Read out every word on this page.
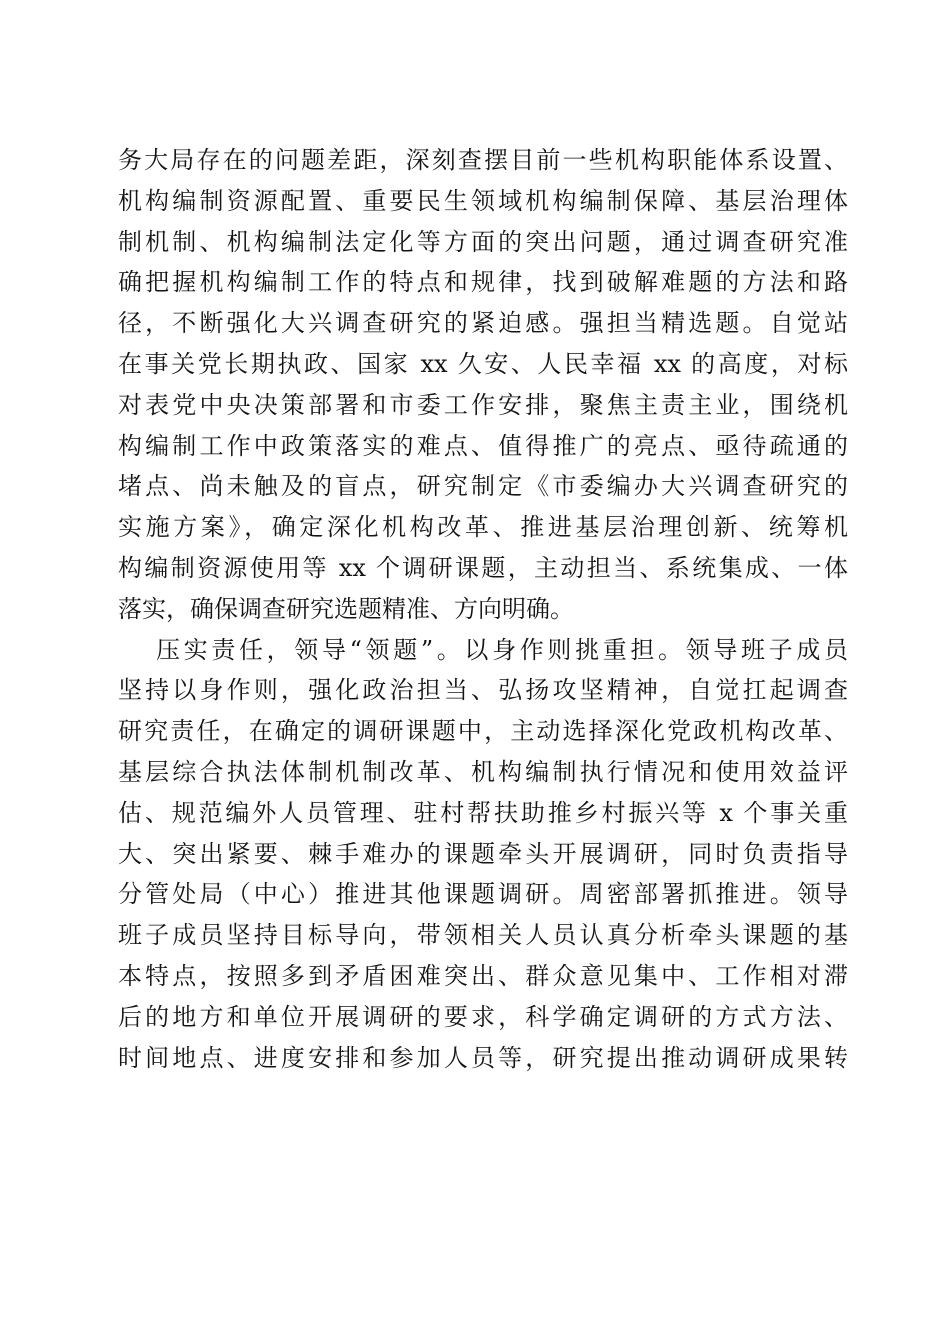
务大局存在的问题差距，深刻查摆目前一些机构职能体系设置、
机构编制资源配置、重要民生领域机构编制保障、基层治理体
制机制、机构编制法定化等方面的突出问题，通过调查研究准
确把握机构编制工作的特点和规律，找到破解难题的方法和路
径，不断强化大兴调查研究的紧迫感。强担当精选题。自觉站
在事关党长期执政、国家 xx 久安、人民幸福 xx 的高度，对标
对表党中央决策部署和市委工作安排，聚焦主责主业，围绕机
构编制工作中政策落实的难点、值得推广的亮点、亟待疏通的
堵点、尚未触及的盲点，研究制定《市委编办大兴调查研究的
实施方案》，确定深化机构改革、推进基层治理创新、统筹机
构编制资源使用等 xx 个调研课题，主动担当、系统集成、一体
落实，确保调查研究选题精准、方向明确。
压实责任，领导“领题”。以身作则挑重担。领导班子成员
坚持以身作则，强化政治担当、弘扬攻坚精神，自觉扛起调查
研究责任，在确定的调研课题中，主动选择深化党政机构改革、
基层综合执法体制机制改革、机构编制执行情况和使用效益评
估、规范编外人员管理、驻村帮扶助推乡村振兴等 x 个事关重
大、突出紧要、棘手难办的课题牵头开展调研，同时负责指导
分管处局（中心）推进其他课题调研。周密部署抓推进。领导
班子成员坚持目标导向，带领相关人员认真分析牵头课题的基
本特点，按照多到矛盾困难突出、群众意见集中、工作相对滞
后的地方和单位开展调研的要求，科学确定调研的方式方法、
时间地点、进度安排和参加人员等，研究提出推动调研成果转
